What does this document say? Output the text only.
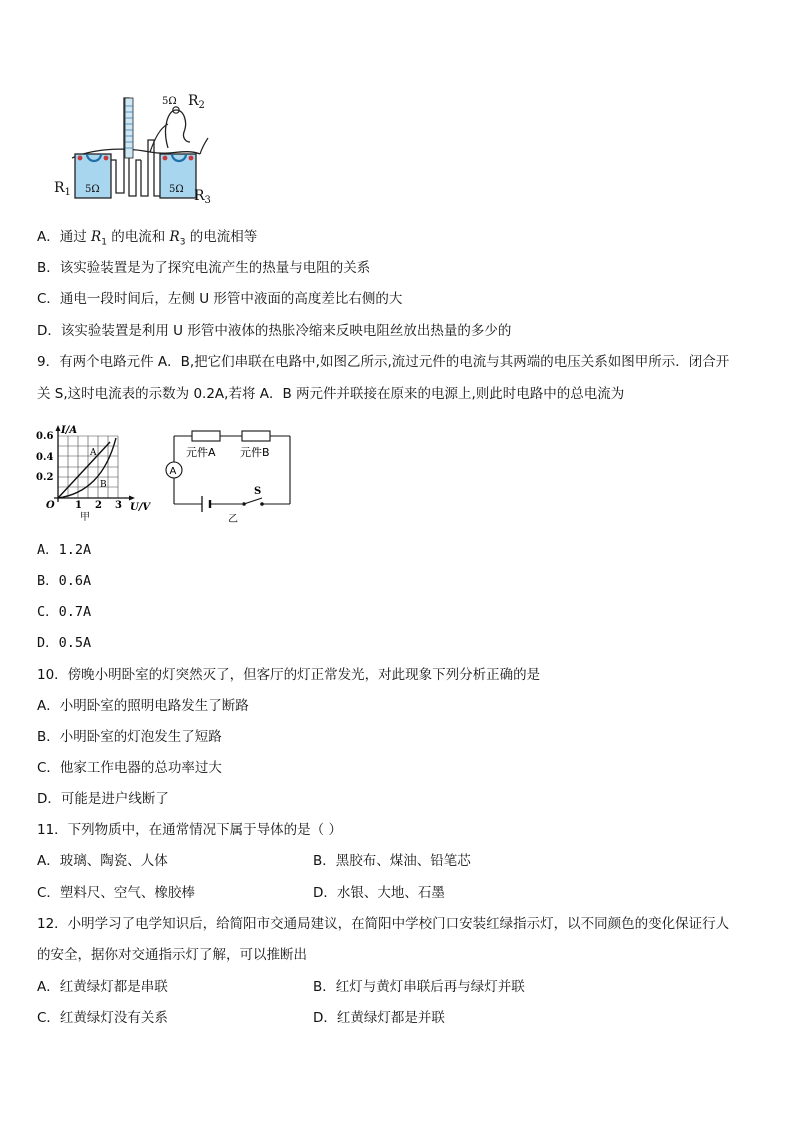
5Ω	5Ω
5Ω $R_2$
$R_1$	$R_3$
A．通过 $R_1$ 的电流和 $R_3$ 的电流相等
B．该实验装置是为了探究电流产生的热量与电阻的关系
C．通电一段时间后，左侧 U 形管中液面的高度差比右侧的大
D．该实验装置是利用 U 形管中液体的热胀冷缩来反映电阻丝放出热量的多少的
9．有两个电路元件 A．B,把它们串联在电路中,如图乙所示,流过元件的电流与其两端的电压关系如图甲所示．闭合开
关 S,这时电流表的示数为 0.2A,若将 A．B 两元件并联接在原来的电源上,则此时电路中的总电流为
I/A
0.6
0.4
0.2
O 1 2 3 U/V
A
B
甲
元件A 元件B
A
S
乙
A．1.2A
B．0.6A
C．0.7A
D．0.5A
10．傍晚小明卧室的灯突然灭了，但客厅的灯正常发光，对此现象下列分析正确的是
A．小明卧室的照明电路发生了断路
B．小明卧室的灯泡发生了短路
C．他家工作电器的总功率过大
D．可能是进户线断了
11．下列物质中，在通常情况下属于导体的是（ ）
A．玻璃、陶瓷、人体	B．黑胶布、煤油、铅笔芯
C．塑料尺、空气、橡胶棒	D．水银、大地、石墨
12．小明学习了电学知识后，给简阳市交通局建议，在简阳中学校门口安装红绿指示灯，以不同颜色的变化保证行人
的安全，据你对交通指示灯了解，可以推断出
A．红黄绿灯都是串联	B．红灯与黄灯串联后再与绿灯并联
C．红黄绿灯没有关系	D．红黄绿灯都是并联
